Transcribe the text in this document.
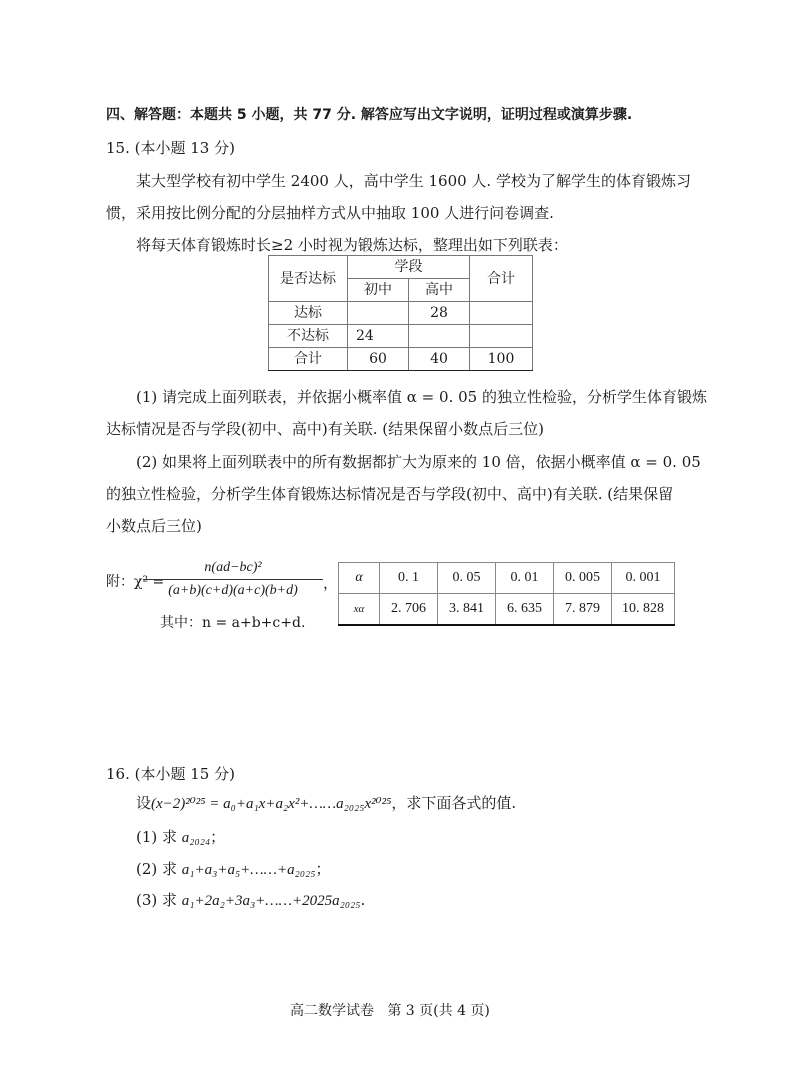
四、解答题：本题共 5 小题，共 77 分. 解答应写出文字说明，证明过程或演算步骤.
15. (本小题 13 分)
某大型学校有初中学生 2400 人，高中学生 1600 人. 学校为了解学生的体育锻炼习
惯，采用按比例分配的分层抽样方式从中抽取 100 人进行问卷调查.
将每天体育锻炼时长≥2 小时视为锻炼达标，整理出如下列联表：
是否达标	学段		合计
	初中	高中	
达标		28	
不达标	24		
合计	60	40	100
(1) 请完成上面列联表，并依据小概率值 α = 0. 05 的独立性检验，分析学生体育锻炼
达标情况是否与学段(初中、高中)有关联. (结果保留小数点后三位)
(2) 如果将上面列联表中的所有数据都扩大为原来的 10 倍，依据小概率值 α = 0. 05
的独立性检验，分析学生体育锻炼达标情况是否与学段(初中、高中)有关联. (结果保留
小数点后三位)
附：χ² =
n(ad−bc)²
(a+b)(c+d)(a+c)(b+d)	，
其中：n = a+b+c+d.
α	0. 1	0. 05	0. 01	0. 005	0. 001
xα	2. 706	3. 841	6. 635	7. 879	10. 828
16. (本小题 15 分)
设(x−2)²⁰²⁵ = a₀+a₁x+a₂x²+……a₂₀₂₅x²⁰²⁵，求下面各式的值.
(1) 求 a₂₀₂₄；
(2) 求 a₁+a₃+a₅+……+a₂₀₂₅；
(3) 求 a₁+2a₂+3a₃+……+2025a₂₀₂₅.
高二数学试卷 第 3 页(共 4 页)
